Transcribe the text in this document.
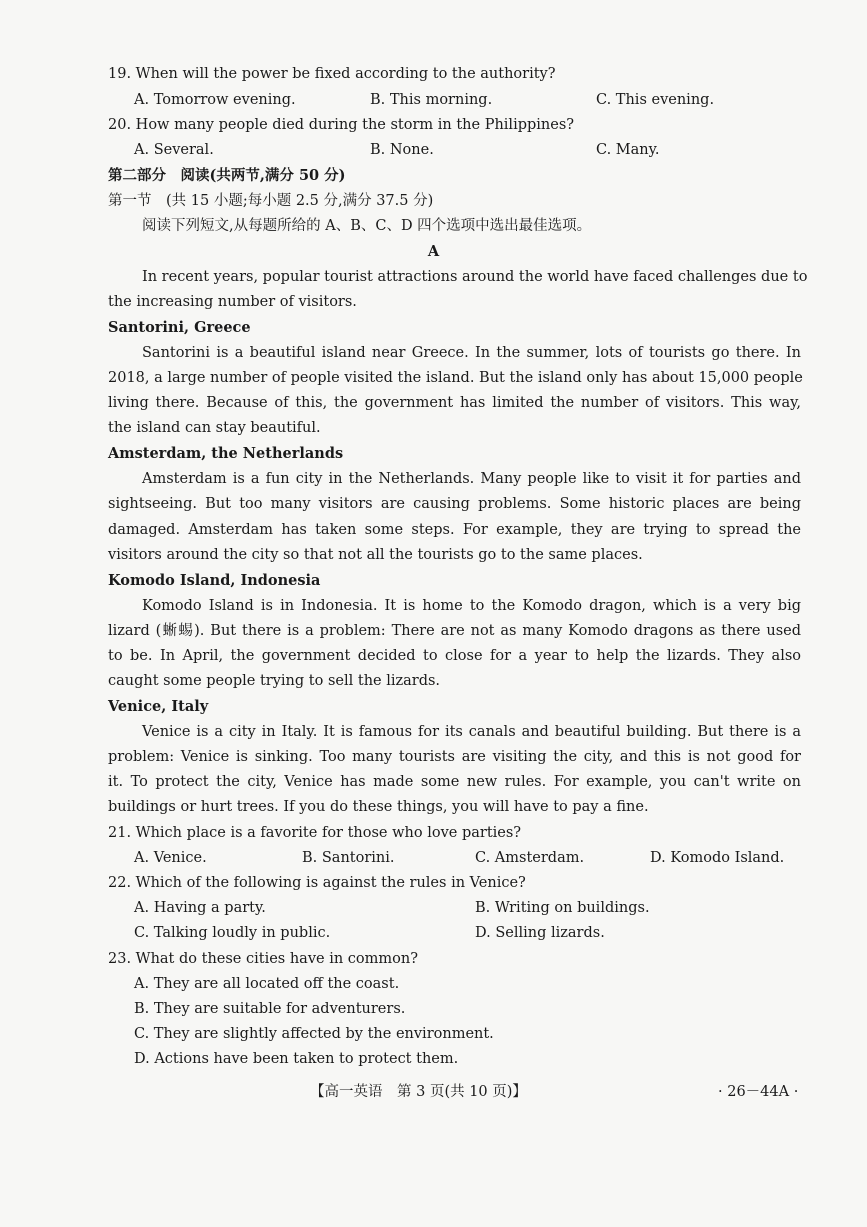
19. When will the power be fixed according to the authority?
A. Tomorrow evening.	B. This morning.	C. This evening.
20. How many people died during the storm in the Philippines?
A. Several.	B. None.	C. Many.
第二部分　阅读(共两节,满分 50 分)
第一节　(共 15 小题;每小题 2.5 分,满分 37.5 分)
阅读下列短文,从每题所给的 A、B、C、D 四个选项中选出最佳选项。
A
In recent years, popular tourist attractions around the world have faced challenges due to
the increasing number of visitors.
Santorini, Greece
Santorini is a beautiful island near Greece. In the summer, lots of tourists go there. In
2018, a large number of people visited the island. But the island only has about 15,000 people
living there. Because of this, the government has limited the number of visitors. This way,
the island can stay beautiful.
Amsterdam, the Netherlands
Amsterdam is a fun city in the Netherlands. Many people like to visit it for parties and
sightseeing. But too many visitors are causing problems. Some historic places are being
damaged. Amsterdam has taken some steps. For example, they are trying to spread the
visitors around the city so that not all the tourists go to the same places.
Komodo Island, Indonesia
Komodo Island is in Indonesia. It is home to the Komodo dragon, which is a very big
lizard (蜥蜴). But there is a problem: There are not as many Komodo dragons as there used
to be. In April, the government decided to close for a year to help the lizards. They also
caught some people trying to sell the lizards.
Venice, Italy
Venice is a city in Italy. It is famous for its canals and beautiful building. But there is a
problem: Venice is sinking. Too many tourists are visiting the city, and this is not good for
it. To protect the city, Venice has made some new rules. For example, you can't write on
buildings or hurt trees. If you do these things, you will have to pay a fine.
21. Which place is a favorite for those who love parties?
A. Venice.	B. Santorini.	C. Amsterdam.	D. Komodo Island.
22. Which of the following is against the rules in Venice?
A. Having a party.	B. Writing on buildings.
C. Talking loudly in public.	D. Selling lizards.
23. What do these cities have in common?
A. They are all located off the coast.
B. They are suitable for adventurers.
C. They are slightly affected by the environment.
D. Actions have been taken to protect them.
【高一英语　第 3 页(共 10 页)】	· 26－44A ·
